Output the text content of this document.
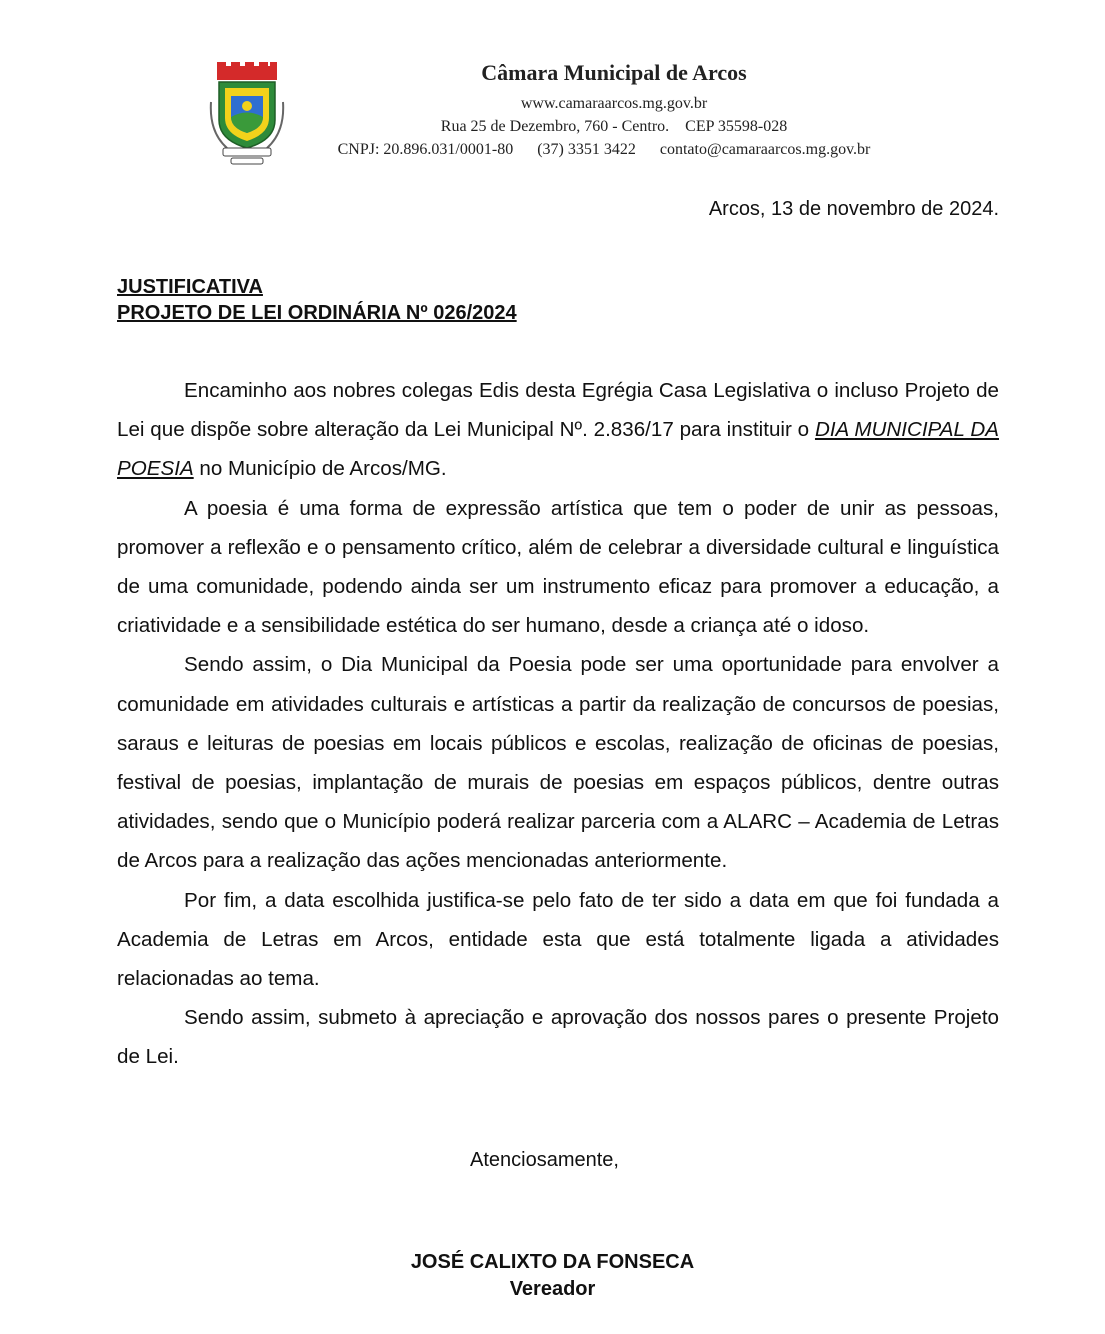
Câmara Municipal de Arcos
www.camaraarcos.mg.gov.br
Rua 25 de Dezembro, 760 - Centro. CEP 35598-028
CNPJ: 20.896.031/0001-80 (37) 3351 3422 contato@camaraarcos.mg.gov.br
Arcos, 13 de novembro de 2024.
JUSTIFICATIVA
PROJETO DE LEI ORDINÁRIA Nº 026/2024

Encaminho aos nobres colegas Edis desta Egrégia Casa Legislativa o incluso Projeto de Lei que dispõe sobre alteração da Lei Municipal Nº. 2.836/17 para instituir o DIA MUNICIPAL DA POESIA no Município de Arcos/MG.

A poesia é uma forma de expressão artística que tem o poder de unir as pessoas, promover a reflexão e o pensamento crítico, além de celebrar a diversidade cultural e linguística de uma comunidade, podendo ainda ser um instrumento eficaz para promover a educação, a criatividade e a sensibilidade estética do ser humano, desde a criança até o idoso.

Sendo assim, o Dia Municipal da Poesia pode ser uma oportunidade para envolver a comunidade em atividades culturais e artísticas a partir da realização de concursos de poesias, saraus e leituras de poesias em locais públicos e escolas, realização de oficinas de poesias, festival de poesias, implantação de murais de poesias em espaços públicos, dentre outras atividades, sendo que o Município poderá realizar parceria com a ALARC – Academia de Letras de Arcos para a realização das ações mencionadas anteriormente.

Por fim, a data escolhida justifica-se pelo fato de ter sido a data em que foi fundada a Academia de Letras em Arcos, entidade esta que está totalmente ligada a atividades relacionadas ao tema.

Sendo assim, submeto à apreciação e aprovação dos nossos pares o presente Projeto de Lei.

Atenciosamente,
JOSÉ CALIXTO DA FONSECA
Vereador
